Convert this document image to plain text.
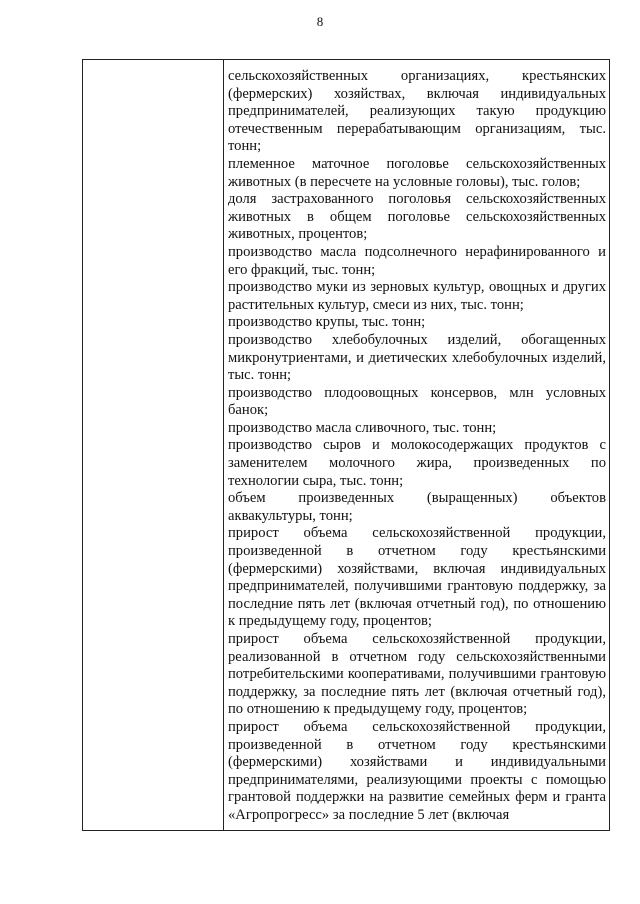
8

сельскохозяйственных организациях, крестьянских (фермерских) хозяйствах, включая индивидуальных предпринимателей, реализующих такую продукцию отечественным перерабатывающим организациям, тыс. тонн;

племенное маточное поголовье сельскохозяйственных животных (в пересчете на условные головы), тыс. голов;

доля застрахованного поголовья сельскохозяйственных животных в общем поголовье сельскохозяйственных животных, процентов;

производство масла подсолнечного нерафинированного и его фракций, тыс. тонн;

производство муки из зерновых культур, овощных и других растительных культур, смеси из них, тыс. тонн;

производство крупы, тыс. тонн;

производство хлебобулочных изделий, обогащенных микронутриентами, и диетических хлебобулочных изделий, тыс. тонн;

производство плодоовощных консервов, млн условных банок;

производство масла сливочного, тыс. тонн;

производство сыров и молокосодержащих продуктов с заменителем молочного жира, произведенных по технологии сыра, тыс. тонн;

объем произведенных (выращенных) объектов аквакультуры, тонн;

прирост объема сельскохозяйственной продукции, произведенной в отчетном году крестьянскими (фермерскими) хозяйствами, включая индивидуальных предпринимателей, получившими грантовую поддержку, за последние пять лет (включая отчетный год), по отношению к предыдущему году, процентов;

прирост объема сельскохозяйственной продукции, реализованной в отчетном году сельскохозяйственными потребительскими кооперативами, получившими грантовую поддержку, за последние пять лет (включая отчетный год), по отношению к предыдущему году, процентов;

прирост объема сельскохозяйственной продукции, произведенной в отчетном году крестьянскими (фермерскими) хозяйствами и индивидуальными предпринимателями, реализующими проекты с помощью грантовой поддержки на развитие семейных ферм и гранта «Агропрогресс» за последние 5 лет (включая
